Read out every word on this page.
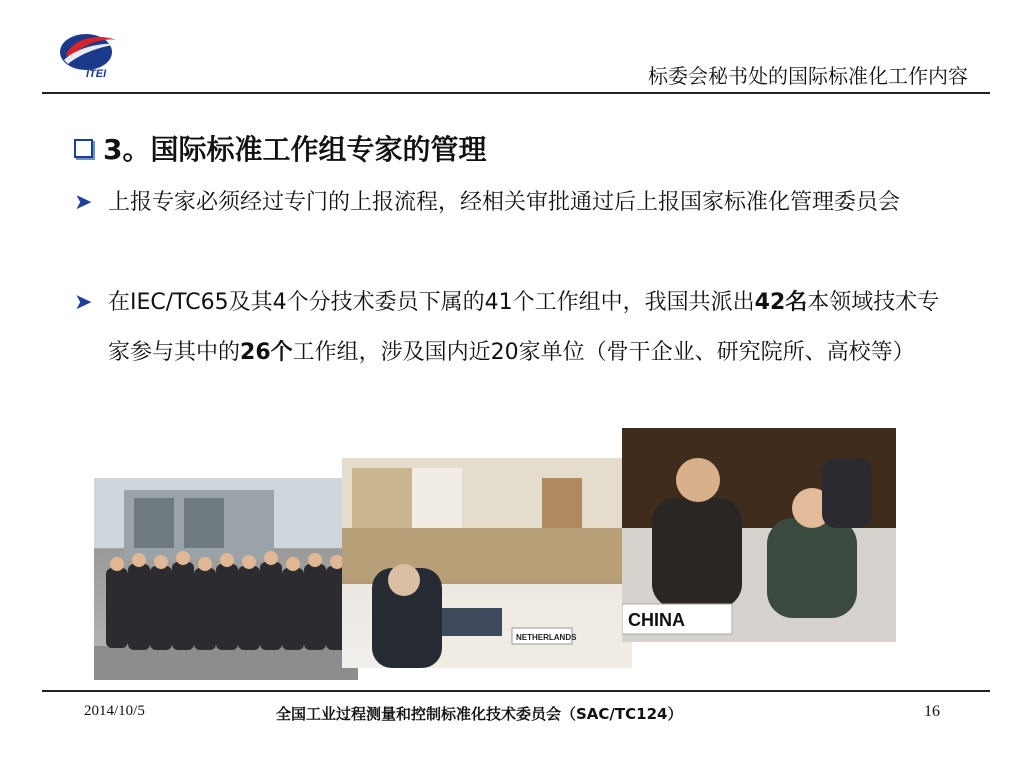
ITEI	标委会秘书处的国际标准化工作内容
3。国际标准工作组专家的管理
➤ 上报专家必须经过专门的上报流程，经相关审批通过后上报国家标准化管理委员会
➤ 在IEC/TC65及其4个分技术委员下属的41个工作组中，我国共派出42名本领域技术专家参与其中的26个工作组，涉及国内近20家单位（骨干企业、研究院所、高校等）
NETHERLANDS
CHINA
2014/10/5	全国工业过程测量和控制标准化技术委员会（SAC/TC124）	16
